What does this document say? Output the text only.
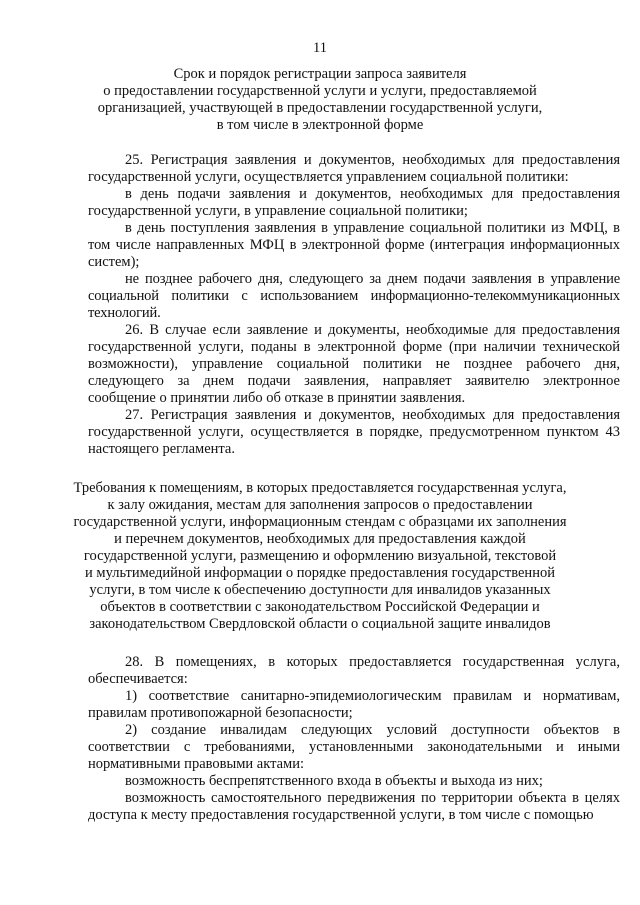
11
Срок и порядок регистрации запроса заявителя
о предоставлении государственной услуги и услуги, предоставляемой
организацией, участвующей в предоставлении государственной услуги,
в том числе в электронной форме
25. Регистрация заявления и документов, необходимых для предоставления государственной услуги, осуществляется управлением социальной политики:
в день подачи заявления и документов, необходимых для предоставления государственной услуги, в управление социальной политики;
в день поступления заявления в управление социальной политики из МФЦ, в том числе направленных МФЦ в электронной форме (интеграция информационных систем);
не позднее рабочего дня, следующего за днем подачи заявления в управление социальной политики с использованием информационно-телекоммуникационных технологий.
26. В случае если заявление и документы, необходимые для предоставления государственной услуги, поданы в электронной форме (при наличии технической возможности), управление социальной политики не позднее рабочего дня, следующего за днем подачи заявления, направляет заявителю электронное сообщение о принятии либо об отказе в принятии заявления.
27. Регистрация заявления и документов, необходимых для предоставления государственной услуги, осуществляется в порядке, предусмотренном пунктом 43 настоящего регламента.
Требования к помещениям, в которых предоставляется государственная услуга,
к залу ожидания, местам для заполнения запросов о предоставлении
государственной услуги, информационным стендам с образцами их заполнения
и перечнем документов, необходимых для предоставления каждой
государственной услуги, размещению и оформлению визуальной, текстовой
и мультимедийной информации о порядке предоставления государственной
услуги, в том числе к обеспечению доступности для инвалидов указанных
объектов в соответствии с законодательством Российской Федерации и
законодательством Свердловской области о социальной защите инвалидов
28. В помещениях, в которых предоставляется государственная услуга, обеспечивается:
1) соответствие санитарно-эпидемиологическим правилам и нормативам, правилам противопожарной безопасности;
2) создание инвалидам следующих условий доступности объектов в соответствии с требованиями, установленными законодательными и иными нормативными правовыми актами:
возможность беспрепятственного входа в объекты и выхода из них;
возможность самостоятельного передвижения по территории объекта в целях доступа к месту предоставления государственной услуги, в том числе с помощью
